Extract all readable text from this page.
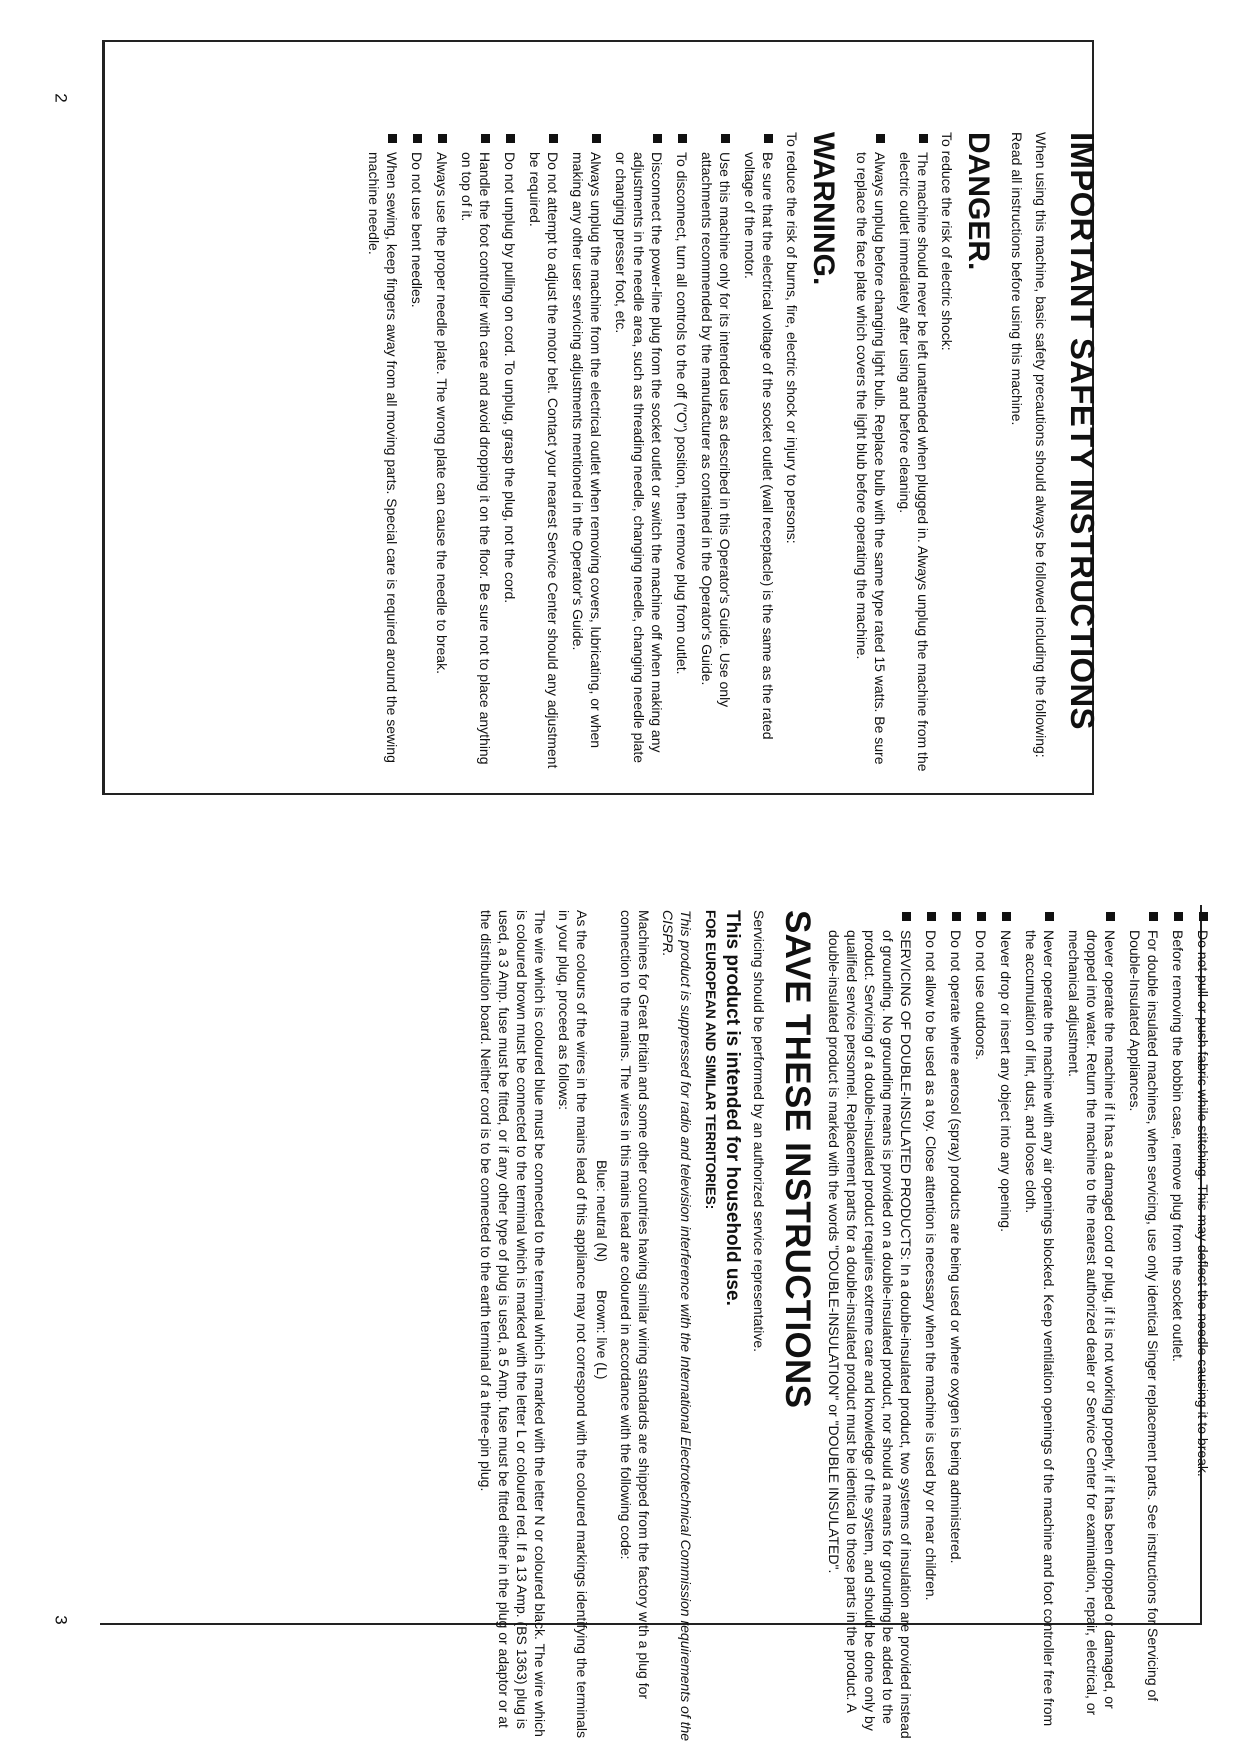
2
3
IMPORTANT SAFETY INSTRUCTIONS

When using this machine, basic safety precautions should always be followed including the following:

Read all instructions before using this machine.

DANGER.

To reduce the risk of electric shock:

The machine should never be left unattended when plugged in. Always unplug the machine from the electric outlet immediately after using and before cleaning.
Always unplug before changing light bulb. Replace bulb with the same type rated 15 watts. Be sure to replace the face plate which covers the light blub before operating the machine.
WARNING.

To reduce the risk of burns, fire, electric shock or injury to persons:

Be sure that the electrical voltage of the socket outlet (wall receptacle) is the same as the rated voltage of the motor.
Use this machine only for its intended use as described in this Operator's Guide. Use only attachments recommended by the manufacturer as contained in the Operator's Guide.
To disconnect, turn all controls to the off ("O") position, then remove plug from outlet.
Disconnect the power-line plug from the socket outlet or switch the machine off when making any adjustments in the needle area, such as threading needle, changing needle, changing needle plate or changing presser foot, etc.
Always unplug the machine from the electrical outlet when removing covers, lubricating, or when making any other user servicing adjustments mentioned in the Operator's Guide.
Do not attempt to adjust the motor belt. Contact your nearest Service Center should any adjustment be required.
Do not unplug by pulling on cord. To unplug, grasp the plug, not the cord.
Handle the foot controller with care and avoid dropping it on the floor. Be sure not to place anything on top of it.
Always use the proper needle plate. The wrong plate can cause the needle to break.
Do not use bent needles.
When sewing, keep fingers away from all moving parts. Special care is required around the sewing machine needle.
Do not pull or push fabric while stitching. This may deflect the needle causing it to break.
Before removing the bobbin case, remove plug from the socket outlet.
For double insulated machines, when servicing, use only identical Singer replacement parts. See instructions for Servicing of Double-Insulated Appliances.
Never operate the machine if it has a damaged cord or plug, if it is not working properly, if it has been dropped or damaged, or dropped into water. Return the machine to the nearest authorized dealer or Service Center for examination, repair, electrical, or mechanical adjustment.
Never operate the machine with any air openings blocked. Keep ventilation openings of the machine and foot controller free from the accumulation of lint, dust, and loose cloth.
Never drop or insert any object into any opening.
Do not use outdoors.
Do not operate where aerosol (spray) products are being used or where oxygen is being administered.
Do not allow to be used as a toy. Close attention is necessary when the machine is used by or near children.
SERVICING OF DOUBLE-INSULATED PRODUCTS: In a double-insulated product, two systems of insulation are provided instead of grounding. No grounding means is provided on a double-insulated product, nor should a means for grounding be added to the product. Servicing of a double-insulated product requires extreme care and knowledge of the system, and should be done only by qualified service personnel. Replacement parts for a double-insulated product must be identical to those parts in the product. A double-insulated product is marked with the words "DOUBLE-INSULATION" or "DOUBLE INSULATED".
SAVE THESE INSTRUCTIONS

Servicing should be performed by an authorized service representative.

This product is intended for household use.
FOR EUROPEAN AND SIMILAR TERRITORIES:

This product is suppressed for radio and television interference with the International Electrotechnical Commission requirements of the CISPR.

Machines for Great Britain and some other countries having similar wiring standards are shipped from the factory with a plug for connection to the mains. The wires in this mains lead are coloured in accordance with the following code:

Blue: neutral (N)
Brown: live (L)

As the colours of the wires in the mains lead of this appliance may not correspond with the coloured markings identifying the terminals in your plug, proceed as follows:

The wire which is coloured blue must be connected to the terminal which is marked with the letter N or coloured black. The wire which is coloured brown must be connected to the terminal which is marked with the letter L or coloured red. If a 13 Amp. (BS 1363) plug is used, a 3 Amp. fuse must be fitted, or if any other type of plug is used, a 5 Amp. fuse must be fitted either in the plug or adaptor or at the distribution board. Neither cord is to be connected to the earth terminal of a three-pin plug.
